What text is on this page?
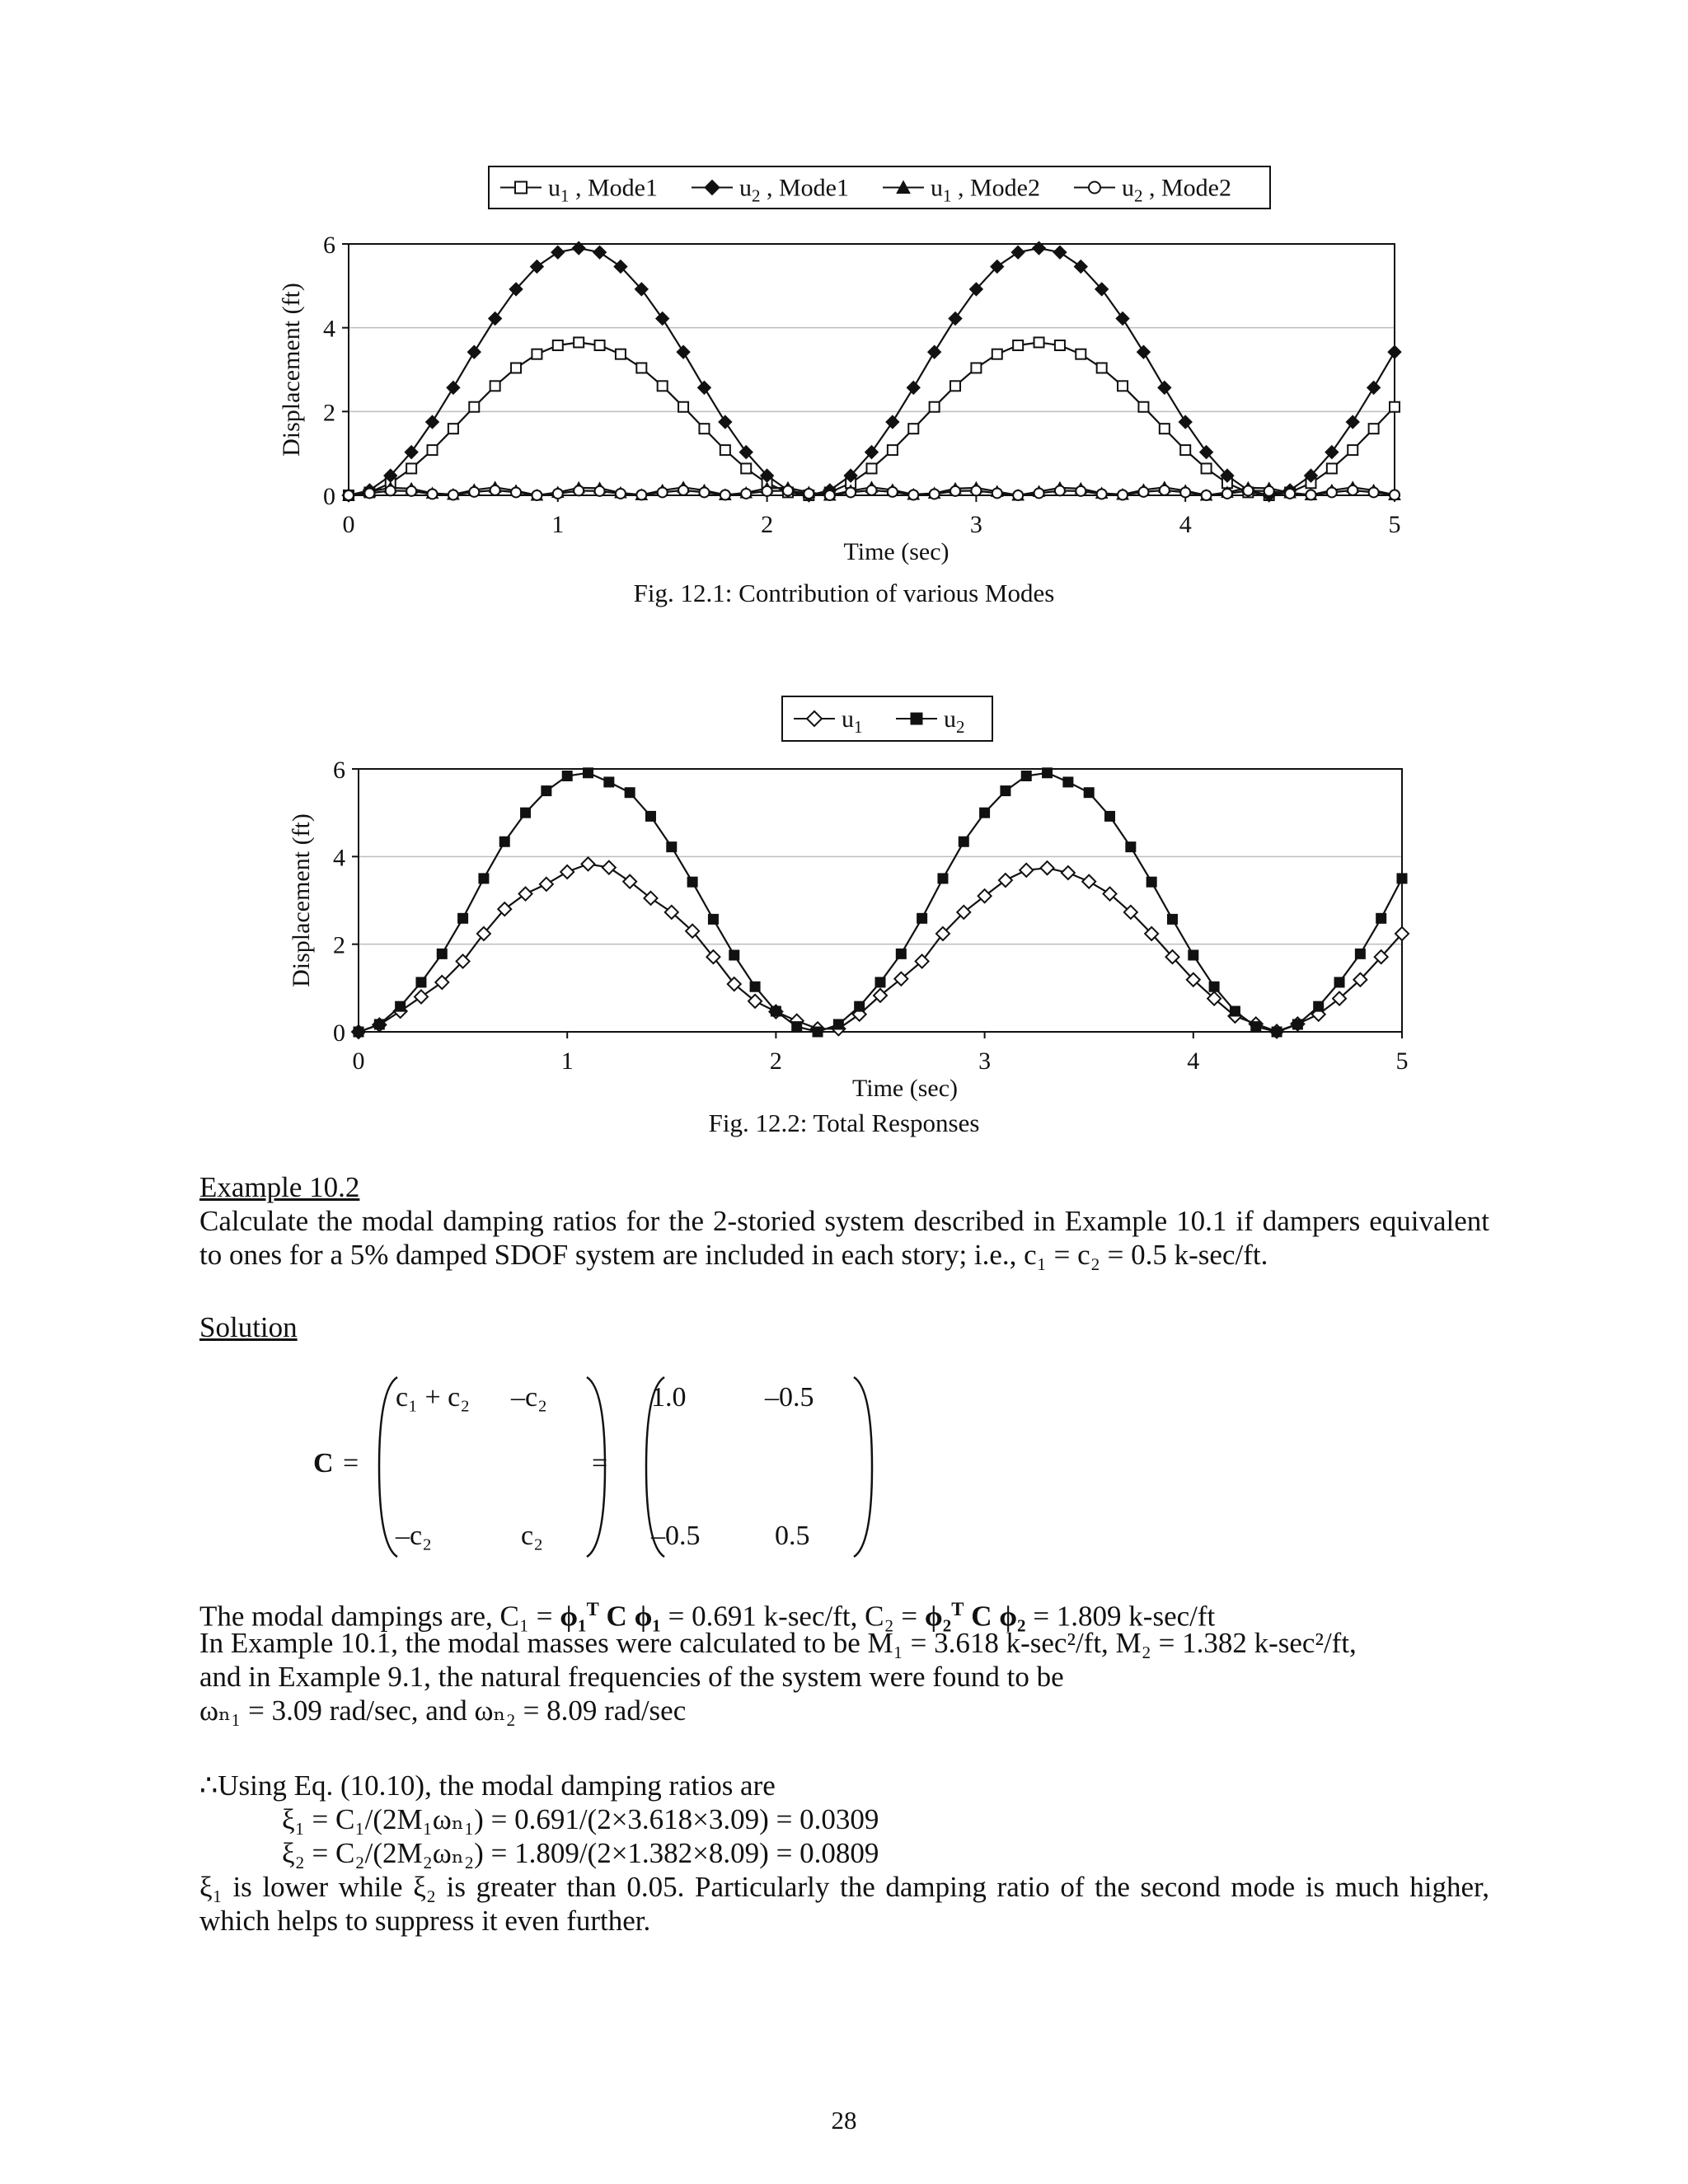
0
2
4
6
0	1	2	3	4	5
Time (sec)
Displacement (ft)
$u_1$ , Mode1	$u_2$ , Mode1	$u_1$ , Mode2	$u_2$ , Mode2
Fig. 12.1: Contribution of various Modes
0
2
4
6
0	1	2	3	4	5
Time (sec)
Displacement (ft)
$u_1$	$u_2$
Fig. 12.2: Total Responses
Example 10.2
Calculate the modal damping ratios for the 2-storied system described in Example 10.1 if dampers equivalent to ones for a 5% damped SDOF system are included in each story; i.e., c₁ = c₂ = 0.5 k-sec/ft.
Solution
C =
c₁ + c₂ –c₂
–c₂	c₂
=
1.0	–0.5
–0.5	0.5
The modal dampings are, C₁ = ϕ₁$^T$ C ϕ₁ = 0.691 k-sec/ft, C₂ = ϕ₂$^T$ C ϕ₂ = 1.809 k-sec/ft
In Example 10.1, the modal masses were calculated to be M₁ = 3.618 k-sec²/ft, M₂ = 1.382 k-sec²/ft,
and in Example 9.1, the natural frequencies of the system were found to be
ωₙ₁ = 3.09 rad/sec, and ωₙ₂ = 8.09 rad/sec
∴Using Eq. (10.10), the modal damping ratios are
ξ₁ = C₁/(2M₁ωₙ₁) = 0.691/(2×3.618×3.09) = 0.0309
ξ₂ = C₂/(2M₂ωₙ₂) = 1.809/(2×1.382×8.09) = 0.0809
ξ₁ is lower while ξ₂ is greater than 0.05. Particularly the damping ratio of the second mode is much higher, which helps to suppress it even further.
28
